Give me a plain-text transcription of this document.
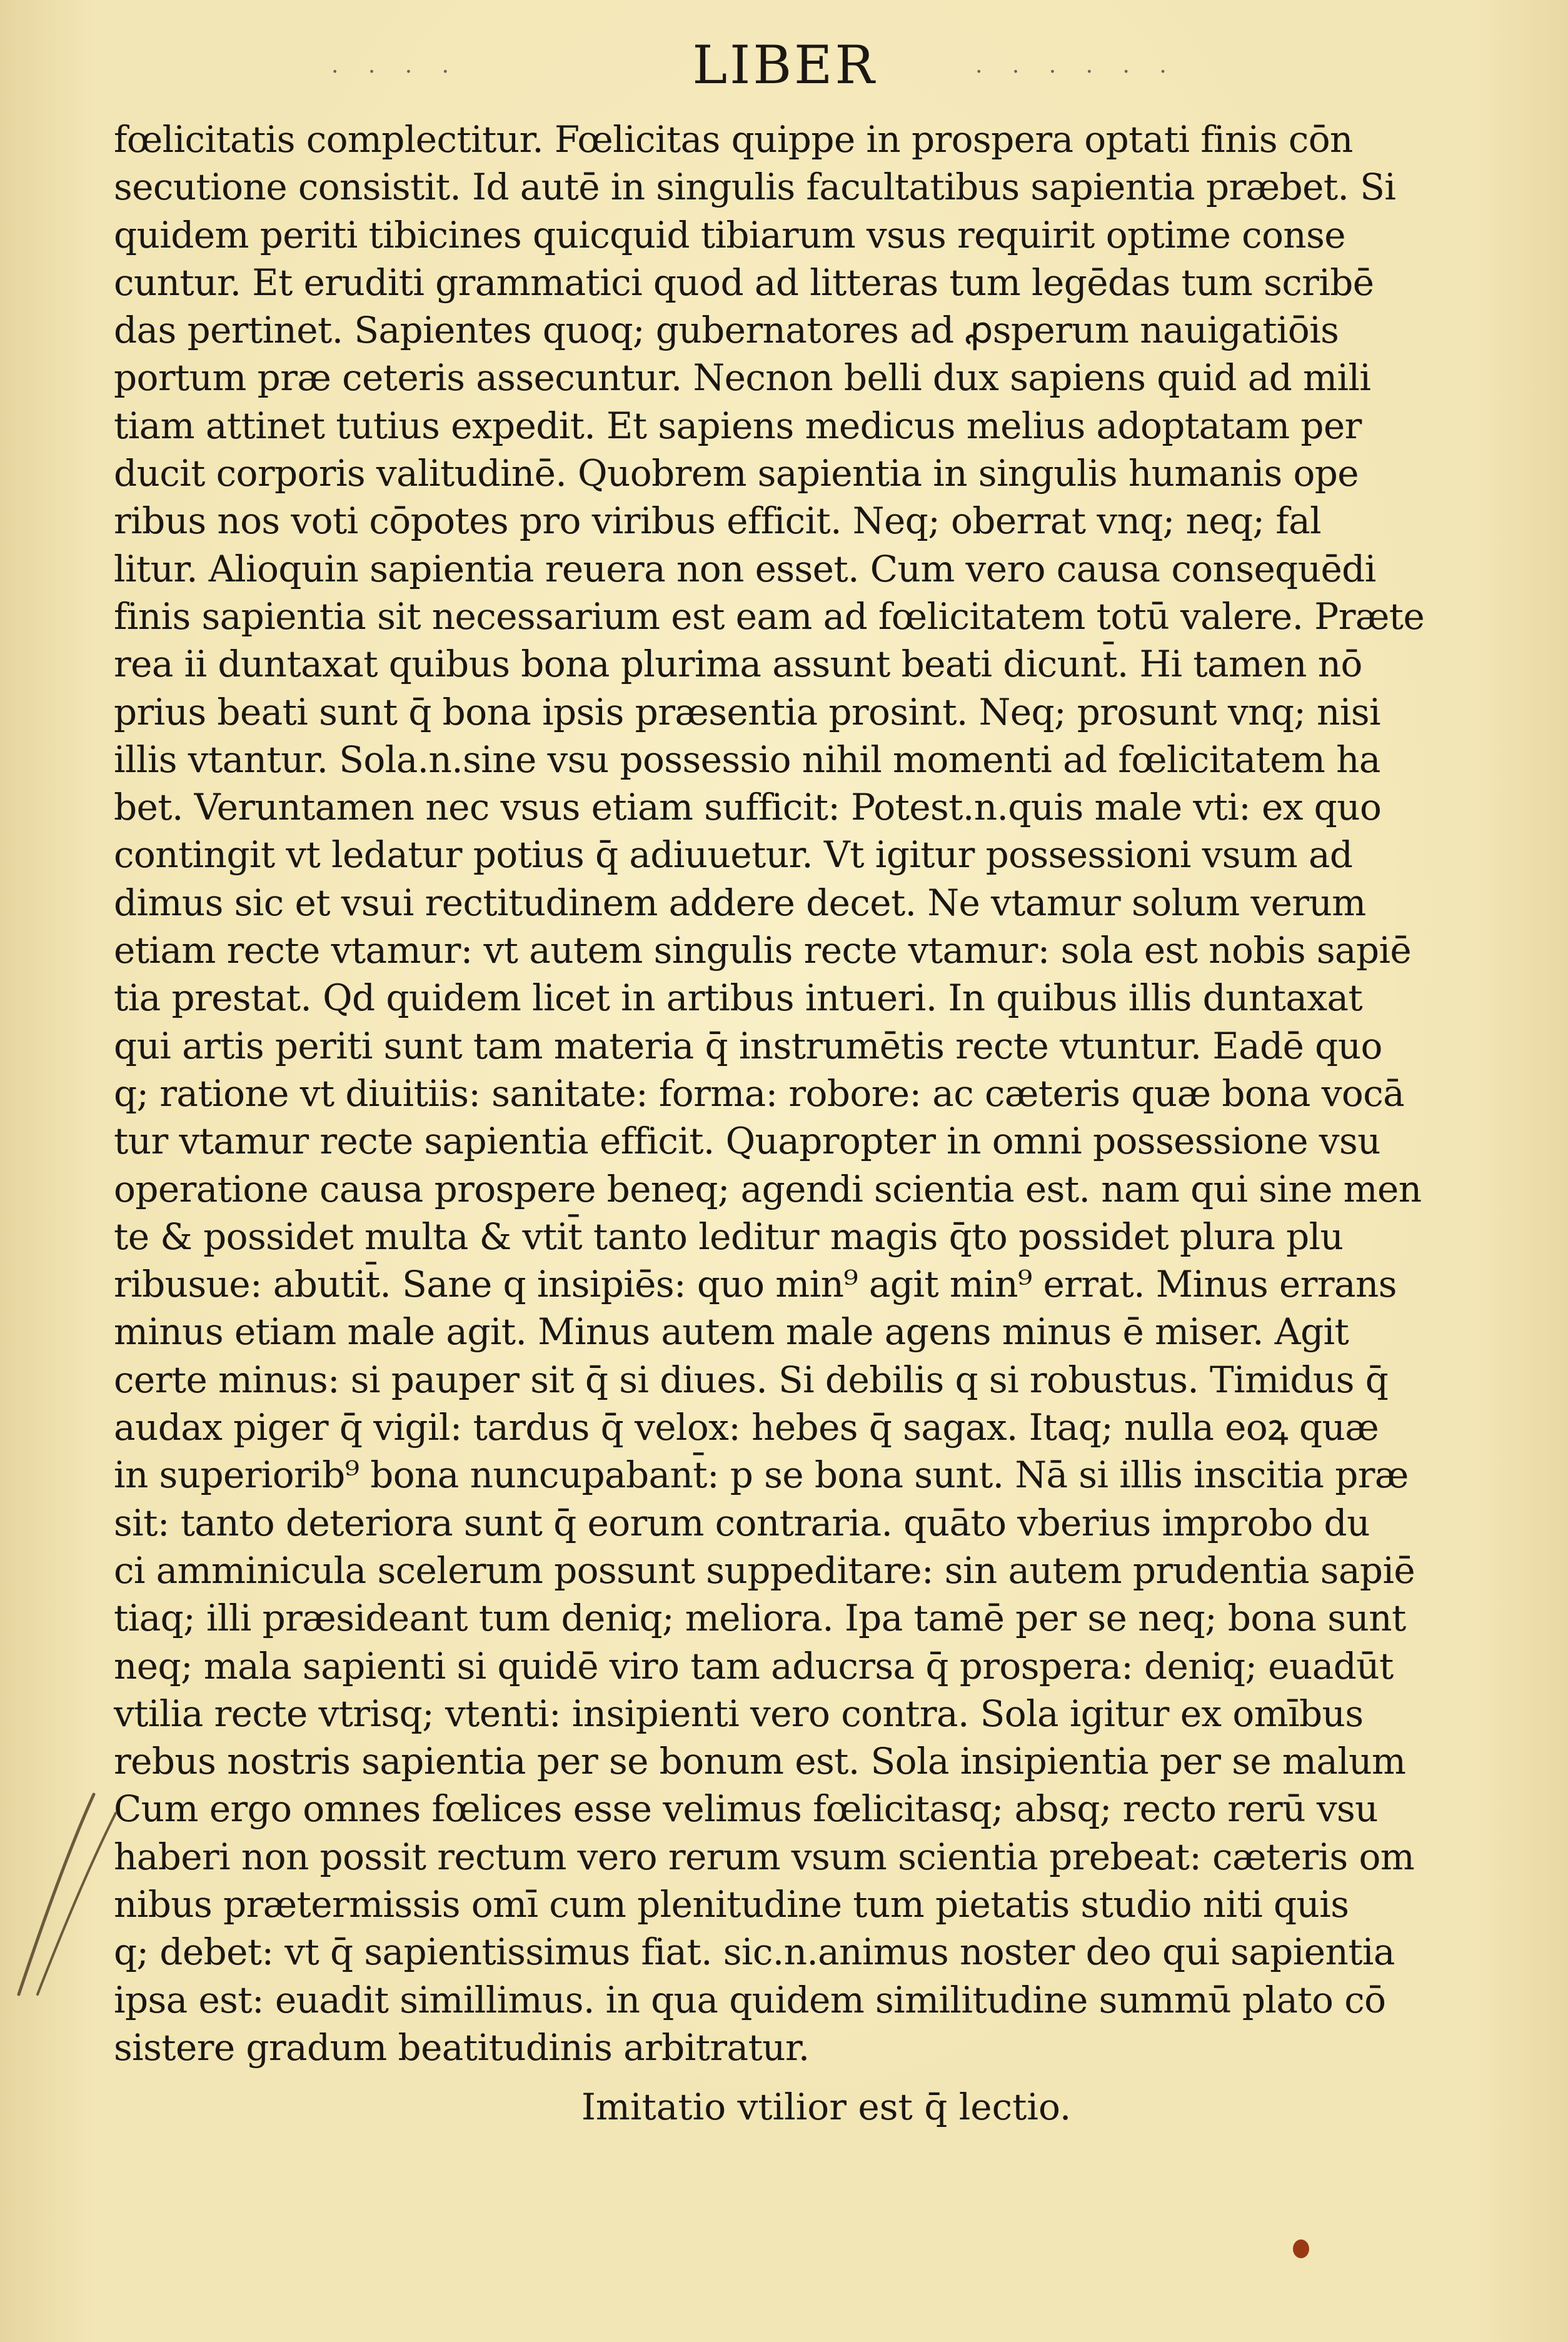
· · · ·	LIBER	· · · · · ·
fœlicitatis complectitur. Fœlicitas quippe in prospera optati finis cōn
secutione consistit. Id autē in singulis facultatibus sapientia præbet. Si
quidem periti tibicines quicquid tibiarum vsus requirit optime conse
cuntur. Et eruditi grammatici quod ad litteras tum legēdas tum scribē
das pertinet. Sapientes quoq; gubernatores ad ꝓsperum nauigatiōis
portum præ ceteris assecuntur. Necnon belli dux sapiens quid ad mili
tiam attinet tutius expedit. Et sapiens medicus melius adoptatam per
ducit corporis valitudinē. Quobrem sapientia in singulis humanis ope
ribus nos voti cōpotes pro viribus efficit. Neq; oberrat vnq; neq; fal
litur. Alioquin sapientia reuera non esset. Cum vero causa consequēdi
finis sapientia sit necessarium est eam ad fœlicitatem totū valere. Præte
rea ii duntaxat quibus bona plurima assunt beati dicunt̄. Hi tamen nō
prius beati sunt q̄ bona ipsis præsentia prosint. Neq; prosunt vnq; nisi
illis vtantur. Sola.n.sine vsu possessio nihil momenti ad fœlicitatem ha
bet. Veruntamen nec vsus etiam sufficit: Potest.n.quis male vti: ex quo
contingit vt ledatur potius q̄ adiuuetur. Vt igitur possessioni vsum ad
dimus sic et vsui rectitudinem addere decet. Ne vtamur solum verum
etiam recte vtamur: vt autem singulis recte vtamur: sola est nobis sapiē
tia prestat. Qd quidem licet in artibus intueri. In quibus illis duntaxat
qui artis periti sunt tam materia q̄ instrumētis recte vtuntur. Eadē quo
q; ratione vt diuitiis: sanitate: forma: robore: ac cæteris quæ bona vocā
tur vtamur recte sapientia efficit. Quapropter in omni possessione vsu
operatione causa prospere beneq; agendi scientia est. nam qui sine men
te & possidet multa & vtit̄ tanto leditur magis q̄to possidet plura plu
ribusue: abutit̄. Sane q insipiēs: quo min⁹ agit min⁹ errat. Minus errans
minus etiam male agit. Minus autem male agens minus ē miser. Agit
certe minus: si pauper sit q̄ si diues. Si debilis q si robustus. Timidus q̄
audax piger q̄ vigil: tardus q̄ velox: hebes q̄ sagax. Itaq; nulla eoꝝ quæ
in superiorib⁹ bona nuncupabant̄: p se bona sunt. Nā si illis inscitia præ
sit: tanto deteriora sunt q̄ eorum contraria. quāto vberius improbo du
ci amminicula scelerum possunt suppeditare: sin autem prudentia sapiē
tiaq; illi præsideant tum deniq; meliora. Ipa tamē per se neq; bona sunt
neq; mala sapienti si quidē viro tam aducrsa q̄ prospera: deniq; euadūt
vtilia recte vtrisq; vtenti: insipienti vero contra. Sola igitur ex omībus
rebus nostris sapientia per se bonum est. Sola insipientia per se malum
Cum ergo omnes fœlices esse velimus fœlicitasq; absq; recto rerū vsu
haberi non possit rectum vero rerum vsum scientia prebeat: cæteris om
nibus prætermissis omī cum plenitudine tum pietatis studio niti quis
q; debet: vt q̄ sapientissimus fiat. sic.n.animus noster deo qui sapientia
ipsa est: euadit simillimus. in qua quidem similitudine summū plato cō
sistere gradum beatitudinis arbitratur.
Imitatio vtilior est q̄ lectio.
